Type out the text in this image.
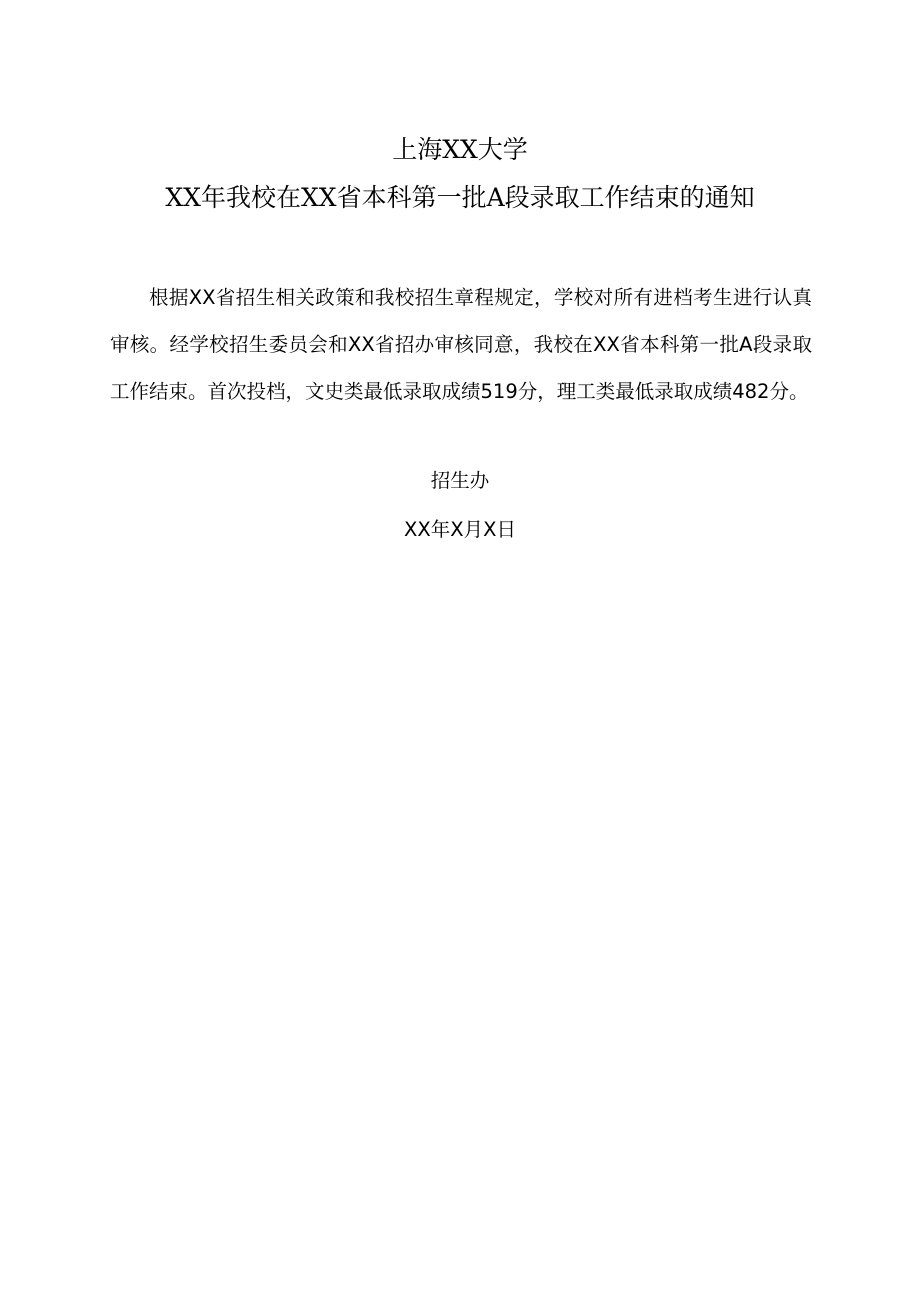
上海XX大学
XX年我校在XX省本科第一批A段录取工作结束的通知

根据XX省招生相关政策和我校招生章程规定，学校对所有进档考生进行认真审核。经学校招生委员会和XX省招办审核同意，我校在XX省本科第一批A段录取工作结束。首次投档，文史类最低录取成绩519分，理工类最低录取成绩482分。

招生办
XX年X月X日
